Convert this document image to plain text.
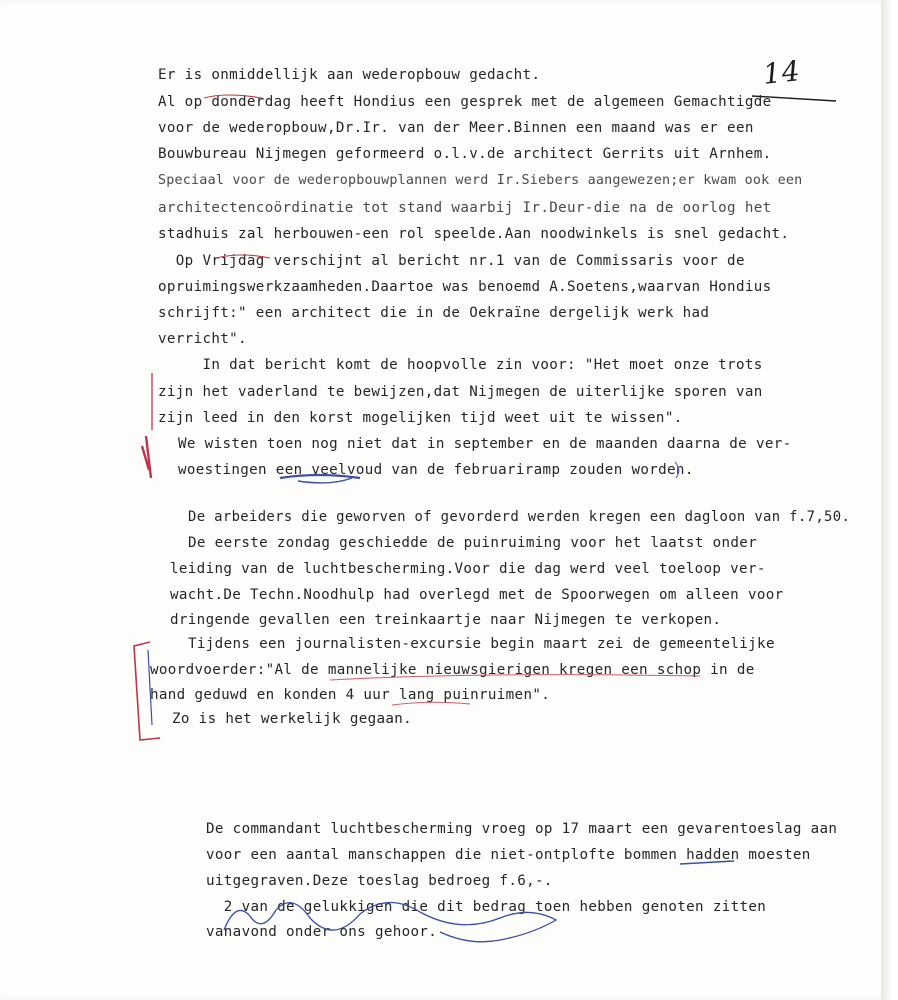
14
Er is onmiddellijk aan wederopbouw gedacht.
Al op donderdag heeft Hondius een gesprek met de algemeen Gemachtigde
voor de wederopbouw,Dr.Ir. van der Meer.Binnen een maand was er een
Bouwbureau Nijmegen geformeerd o.l.v.de architect Gerrits uit Arnhem.
Speciaal voor de wederopbouwplannen werd Ir.Siebers aangewezen;er kwam ook een
architectencoördinatie tot stand waarbij Ir.Deur-die na de oorlog het
stadhuis zal herbouwen-een rol speelde.Aan noodwinkels is snel gedacht.
Op Vrijdag verschijnt al bericht nr.1 van de Commissaris voor de
opruimingswerkzaamheden.Daartoe was benoemd A.Soetens,waarvan Hondius
schrijft:" een architect die in de Oekraïne dergelijk werk had
verricht".
In dat bericht komt de hoopvolle zin voor: "Het moet onze trots
zijn het vaderland te bewijzen,dat Nijmegen de uiterlijke sporen van
zijn leed in den korst mogelijken tijd weet uit te wissen".
We wisten toen nog niet dat in september en de maanden daarna de ver-
woestingen een veelvoud van de februariramp zouden worden.
De arbeiders die geworven of gevorderd werden kregen een dagloon van f.7,50.
De eerste zondag geschiedde de puinruiming voor het laatst onder
leiding van de luchtbescherming.Voor die dag werd veel toeloop ver-
wacht.De Techn.Noodhulp had overlegd met de Spoorwegen om alleen voor
dringende gevallen een treinkaartje naar Nijmegen te verkopen.
Tijdens een journalisten-excursie begin maart zei de gemeentelijke
woordvoerder:"Al de mannelijke nieuwsgierigen kregen een schop in de
hand geduwd en konden 4 uur lang puinruimen".
Zo is het werkelijk gegaan.
De commandant luchtbescherming vroeg op 17 maart een gevarentoeslag aan
voor een aantal manschappen die niet-ontplofte bommen hadden moesten
uitgegraven.Deze toeslag bedroeg f.6,-.
2 van de gelukkigen die dit bedrag toen hebben genoten zitten
vanavond onder ons gehoor.
